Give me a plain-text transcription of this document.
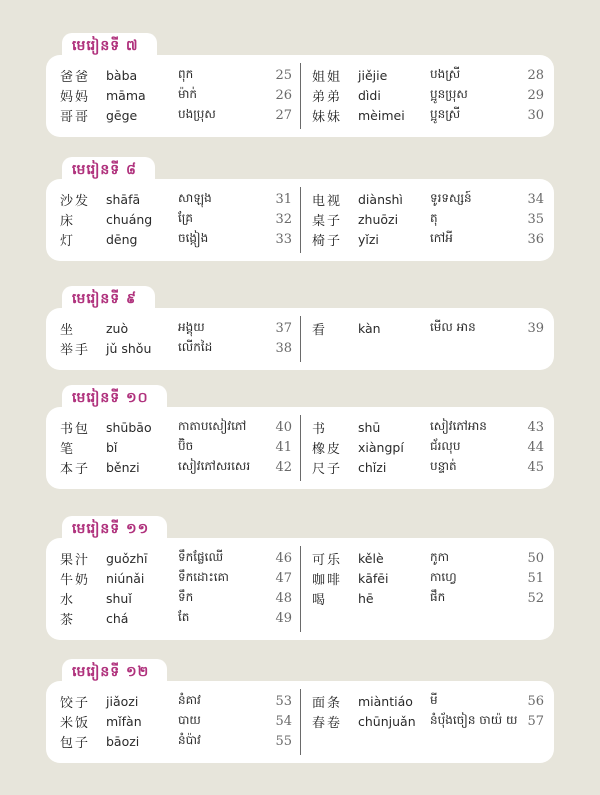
爸爸	bàba	ពុក	25
妈妈	māma	ម៉ាក់	26
哥哥	gēge	បងប្រុស	27
姐姐	jiějie	បងស្រី	28
弟弟	dìdi	ប្អូនប្រុស	29
妹妹	mèimei	ប្អូនស្រី	30
មេរៀនទី ៧
沙发	shāfā	សាឡុង	31
床	chuáng	គ្រែ	32
灯	dēng	ចង្កៀង	33
电视	diànshì	ទូរទស្សន៍	34
桌子	zhuōzi	តុ	35
椅子	yǐzi	កៅអី	36
មេរៀនទី ៨
坐	zuò	អង្គុយ	37
举手	jǔ shǒu	លើកដៃ	38
看	kàn	មើល អាន	39
មេរៀនទី ៩
书包	shūbāo	កាតាបសៀវភៅ	40
笔	bǐ	ប៊ិច	41
本子	běnzi	សៀវភៅសរសេរ	42
书	shū	សៀវភៅអាន	43
橡皮	xiàngpí	ជ័រលុប	44
尺子	chǐzi	បន្ទាត់	45
មេរៀនទី ១០
果汁	guǒzhī	ទឹកផ្លែឈើ	46
牛奶	niúnǎi	ទឹកដោះគោ	47
水	shuǐ	ទឹក	48
茶	chá	តែ	49
可乐	kělè	កូកា	50
咖啡	kāfēi	កាហ្វេ	51
喝	hē	ផឹក	52
មេរៀនទី ១១
饺子	jiǎozi	នំគាវ	53
米饭	mǐfàn	បាយ	54
包子	bāozi	នំប៉ាវ	55
面条	miàntiáo	មី	56
春卷	chūnjuǎn	នំបុ័ងចៀន ចាយ៉ យ 57
មេរៀនទី ១២
